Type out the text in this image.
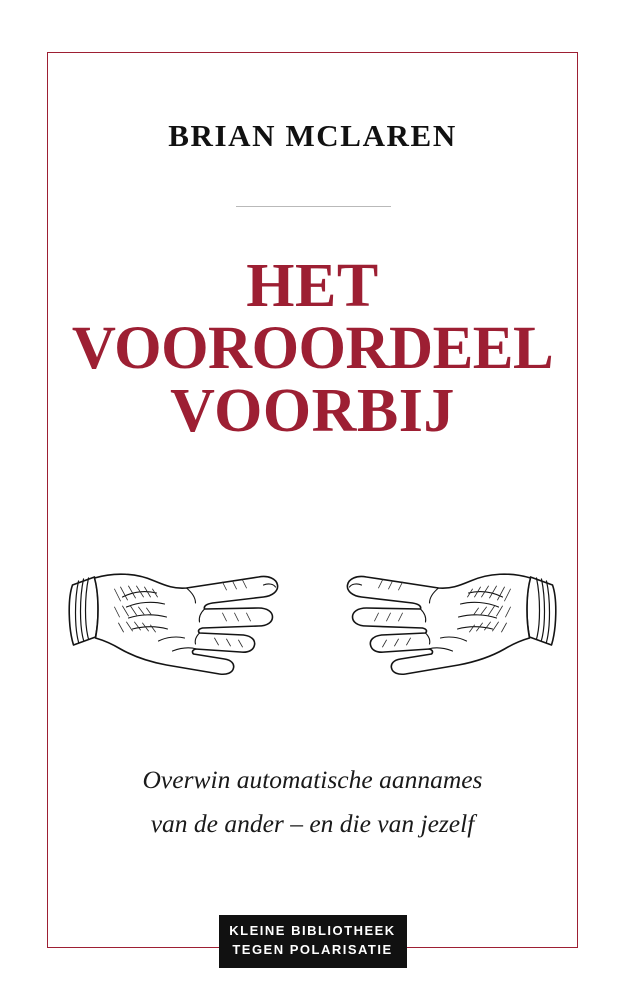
BRIAN MCLAREN
HET
VOOROORDEEL
VOORBIJ
Overwin automatische aannames
van de ander – en die van jezelf
KLEINE BIBLIOTHEEK
TEGEN POLARISATIE
